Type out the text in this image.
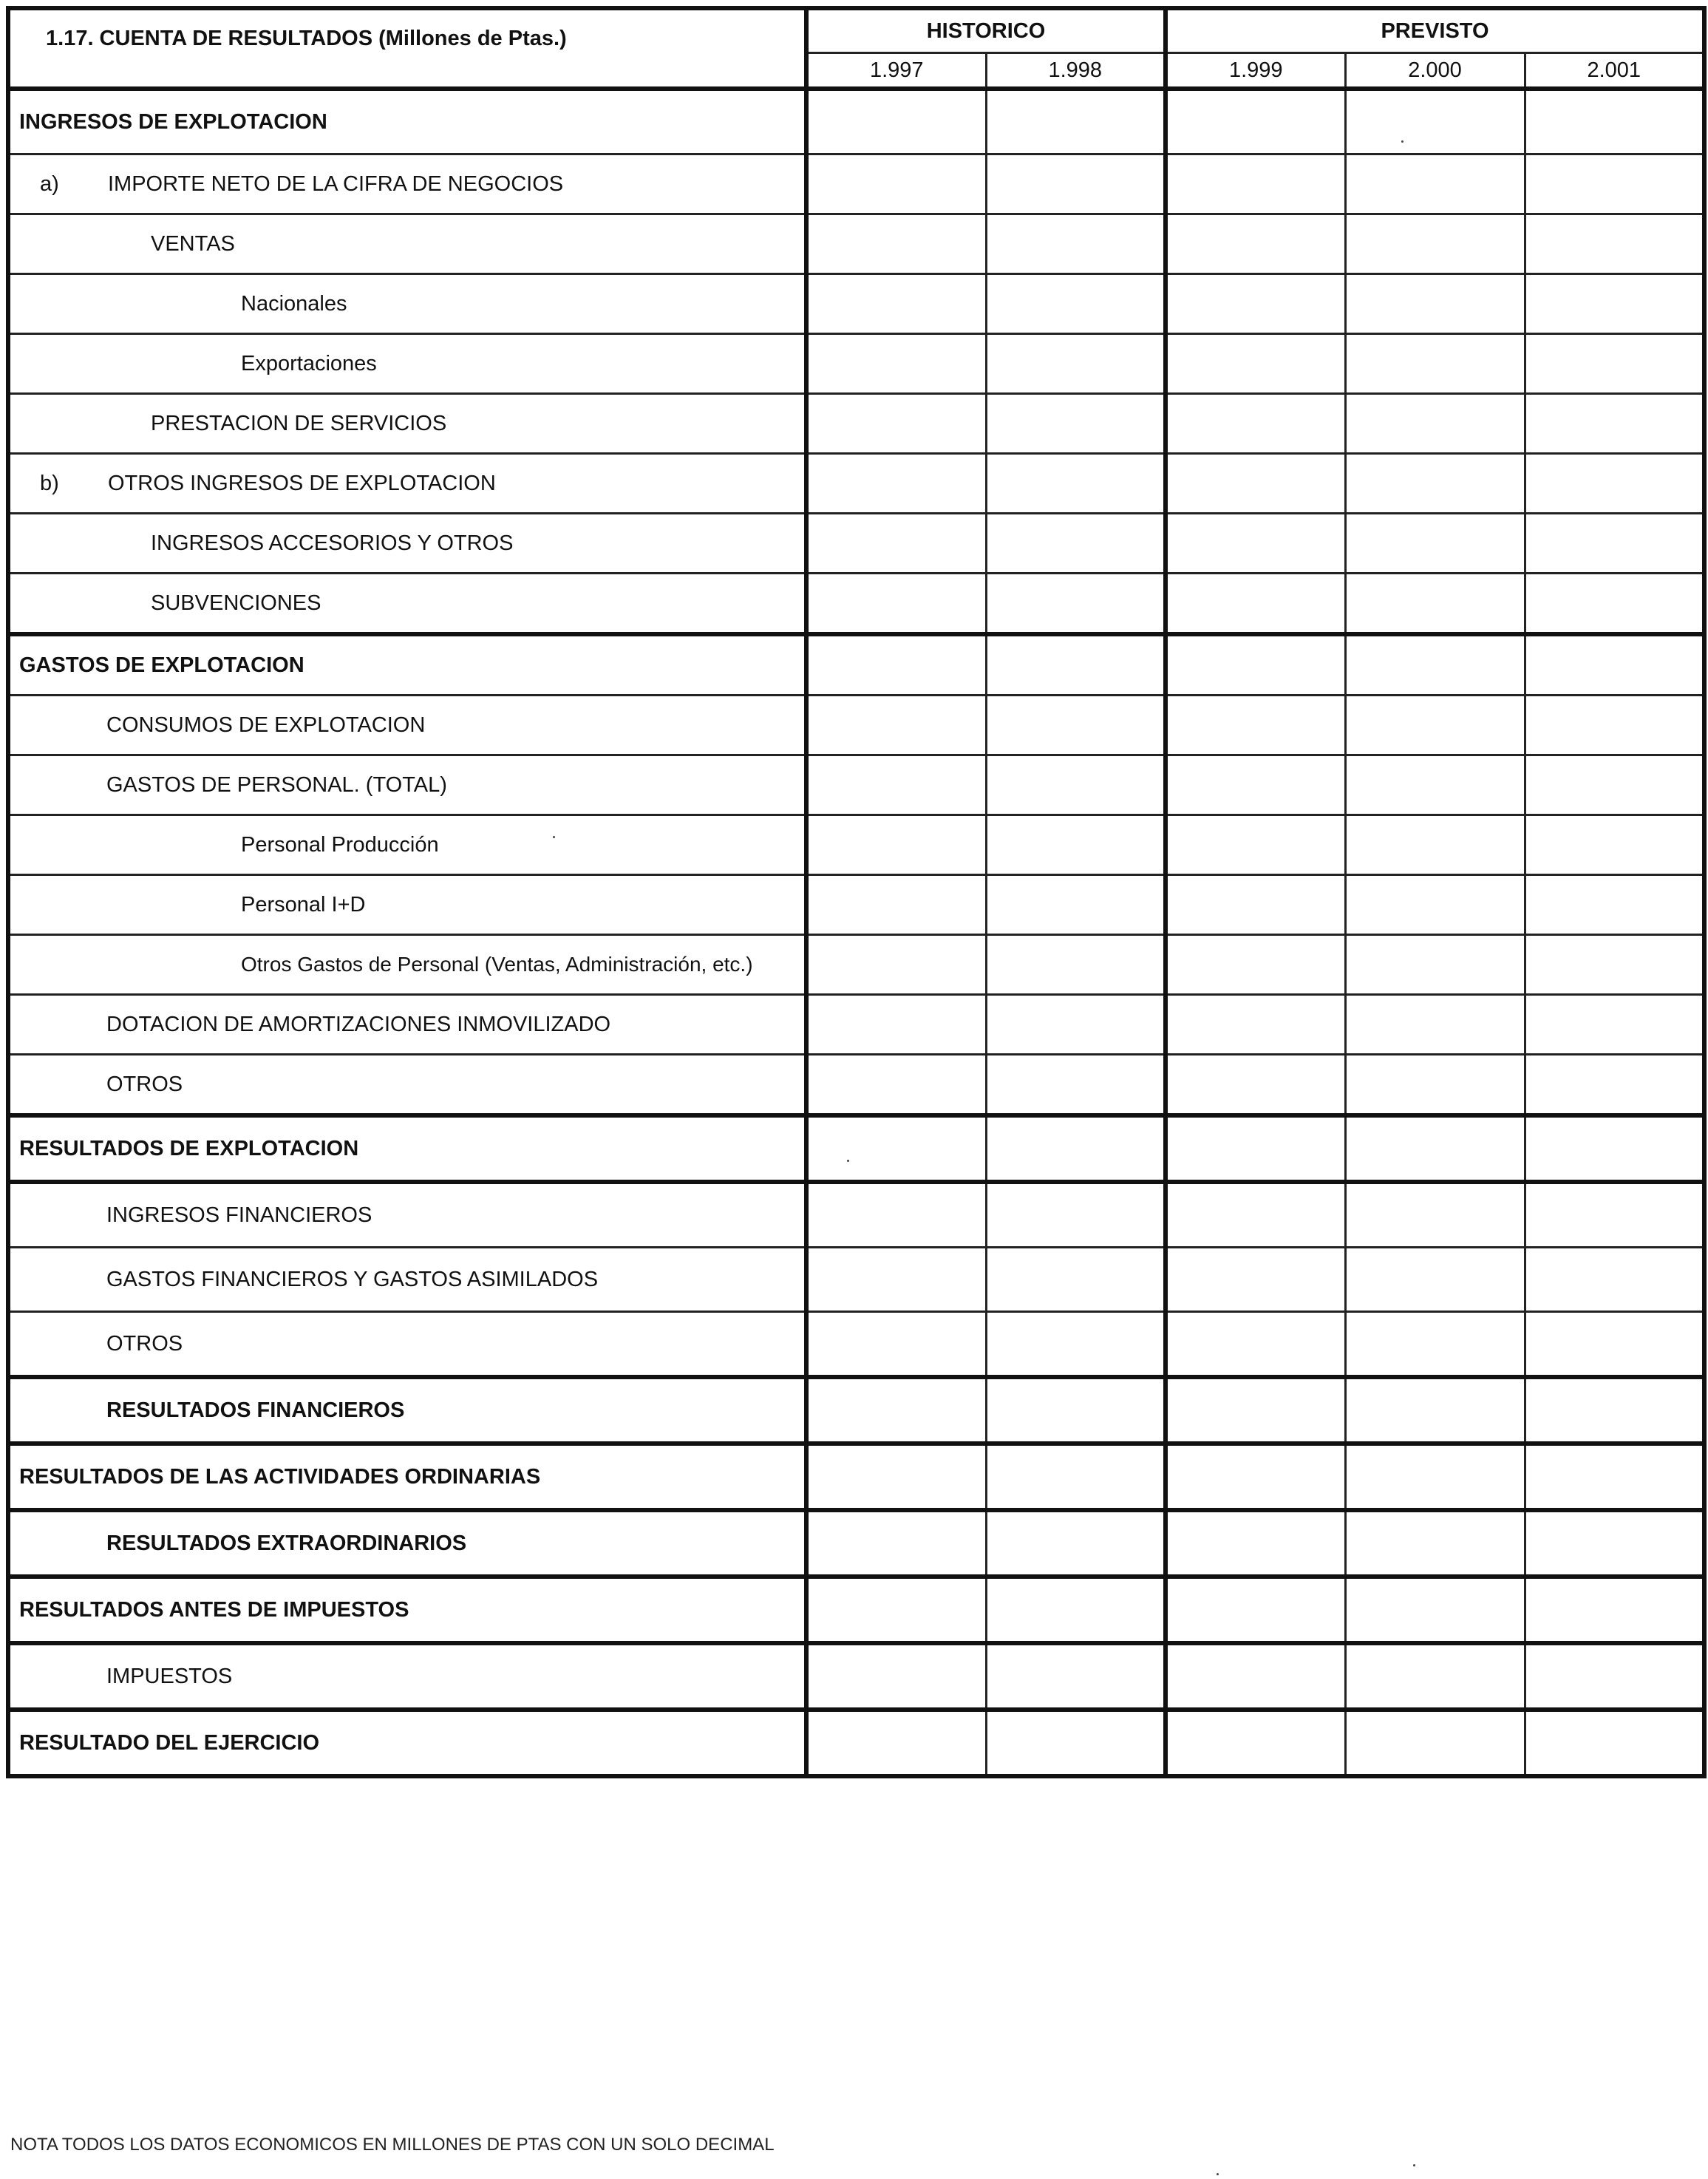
1.17. CUENTA DE RESULTADOS (Millones de Ptas.)	HISTORICO		PREVISTO		
	1.997	1.998	1.999	2.000	2.001

INGRESOS DE EXPLOTACION					

a) IMPORTE NETO DE LA CIFRA DE NEGOCIOS					

VENTAS					

Nacionales					

Exportaciones					

PRESTACION DE SERVICIOS					

b) OTROS INGRESOS DE EXPLOTACION					

INGRESOS ACCESORIOS Y OTROS					

SUBVENCIONES					

GASTOS DE EXPLOTACION					

CONSUMOS DE EXPLOTACION					

GASTOS DE PERSONAL. (TOTAL)					

Personal Producción					

Personal I+D					

Otros Gastos de Personal (Ventas, Administración, etc.)					

DOTACION DE AMORTIZACIONES INMOVILIZADO					

OTROS					

RESULTADOS DE EXPLOTACION					

INGRESOS FINANCIEROS					

GASTOS FINANCIEROS Y GASTOS ASIMILADOS					

OTROS					

RESULTADOS FINANCIEROS					

RESULTADOS DE LAS ACTIVIDADES ORDINARIAS					

RESULTADOS EXTRAORDINARIOS					

RESULTADOS ANTES DE IMPUESTOS					

IMPUESTOS					

RESULTADO DEL EJERCICIO					

NOTA TODOS LOS DATOS ECONOMICOS EN MILLONES DE PTAS CON UN SOLO DECIMAL
